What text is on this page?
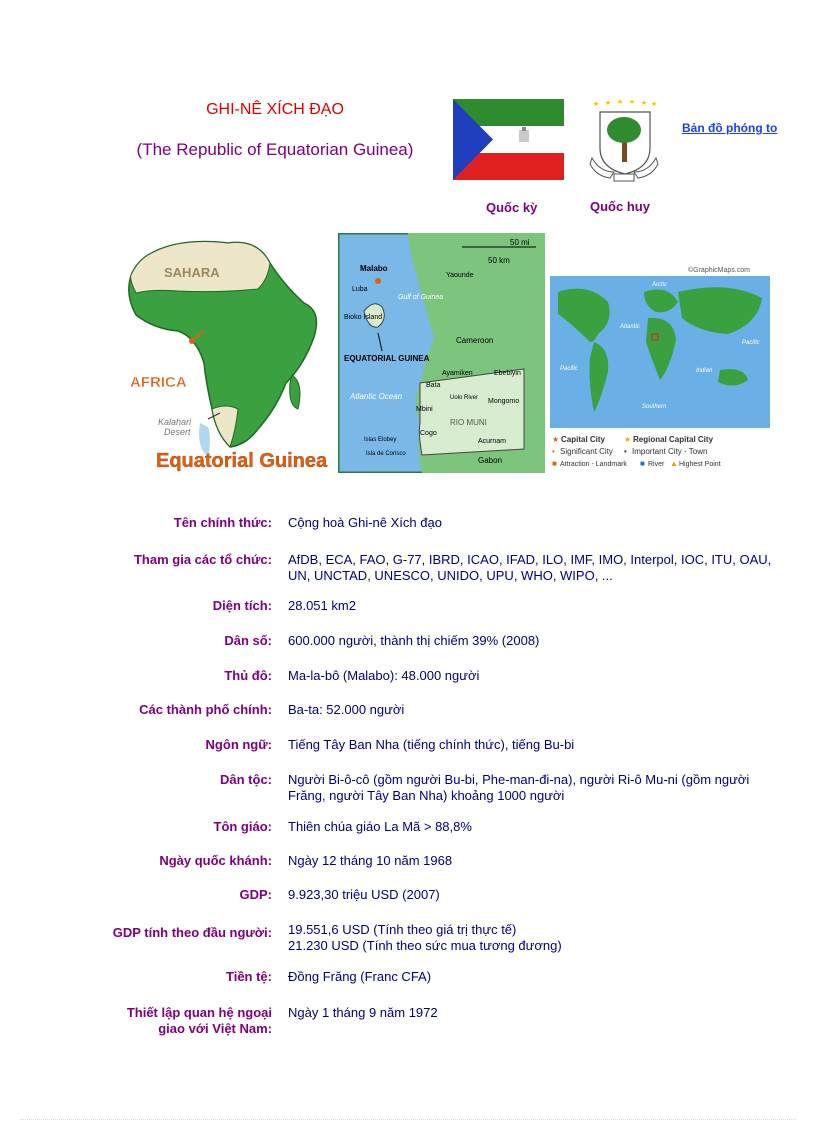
GHI-NÊ XÍCH ĐẠO
(The Republic of Equatorian Guinea)
Bản đồ phóng to
Quốc kỳ	Quốc huy
SAHARA
AFRICA
Kalahari Desert
Equatorial Guinea
50 mi
50 km
Malabo
Luba
Bioko Island
Gulf of Guinea
Yaounde
Cameroon
EQUATORIAL GUINEA
Atlantic Ocean
Ayamiken	Ebebiyin
Bata
Uolo River Mongomo
Mbini
RIO MUNI
Islas Elobey
Isla de Corisco
Cogo
Acurnam
Gabon
©GraphicMaps.com
Arctic
Atlantic
Pacific
Pacific
Indian
Southern
★ Capital City ★ Regional Capital City
• Significant City • Important City - Town
■ Attraction - Landmark ■ River ▲ Highest Point
Tên chính thức: Cộng hoà Ghi-nê Xích đạo
Tham gia các tổ chức: AfDB, ECA, FAO, G-77, IBRD, ICAO, IFAD, ILO, IMF, IMO, Interpol, IOC, ITU, OAU, UN, UNCTAD, UNESCO, UNIDO, UPU, WHO, WIPO, ...
Diện tích: 28.051 km2
Dân số: 600.000 người, thành thị chiếm 39% (2008)
Thủ đô: Ma-la-bô (Malabo): 48.000 người
Các thành phố chính: Ba-ta: 52.000 người
Ngôn ngữ: Tiếng Tây Ban Nha (tiếng chính thức), tiếng Bu-bi
Dân tộc: Người Bi-ô-cô (gồm người Bu-bi, Phe-man-đi-na), người Ri-ô Mu-ni (gồm người Frăng, người Tây Ban Nha) khoảng 1000 người
Tôn giáo: Thiên chúa giáo La Mã > 88,8%
Ngày quốc khánh: Ngày 12 tháng 10 năm 1968
GDP: 9.923,30 triệu USD (2007)
GDP tính theo đầu người: 19.551,6 USD (Tính theo giá trị thực tế)
21.230 USD (Tính theo sức mua tương đương)
Tiền tệ: Đồng Frăng (Franc CFA)
Thiết lập quan hệ ngoại
giao với Việt Nam:
Ngày 1 tháng 9 năm 1972
